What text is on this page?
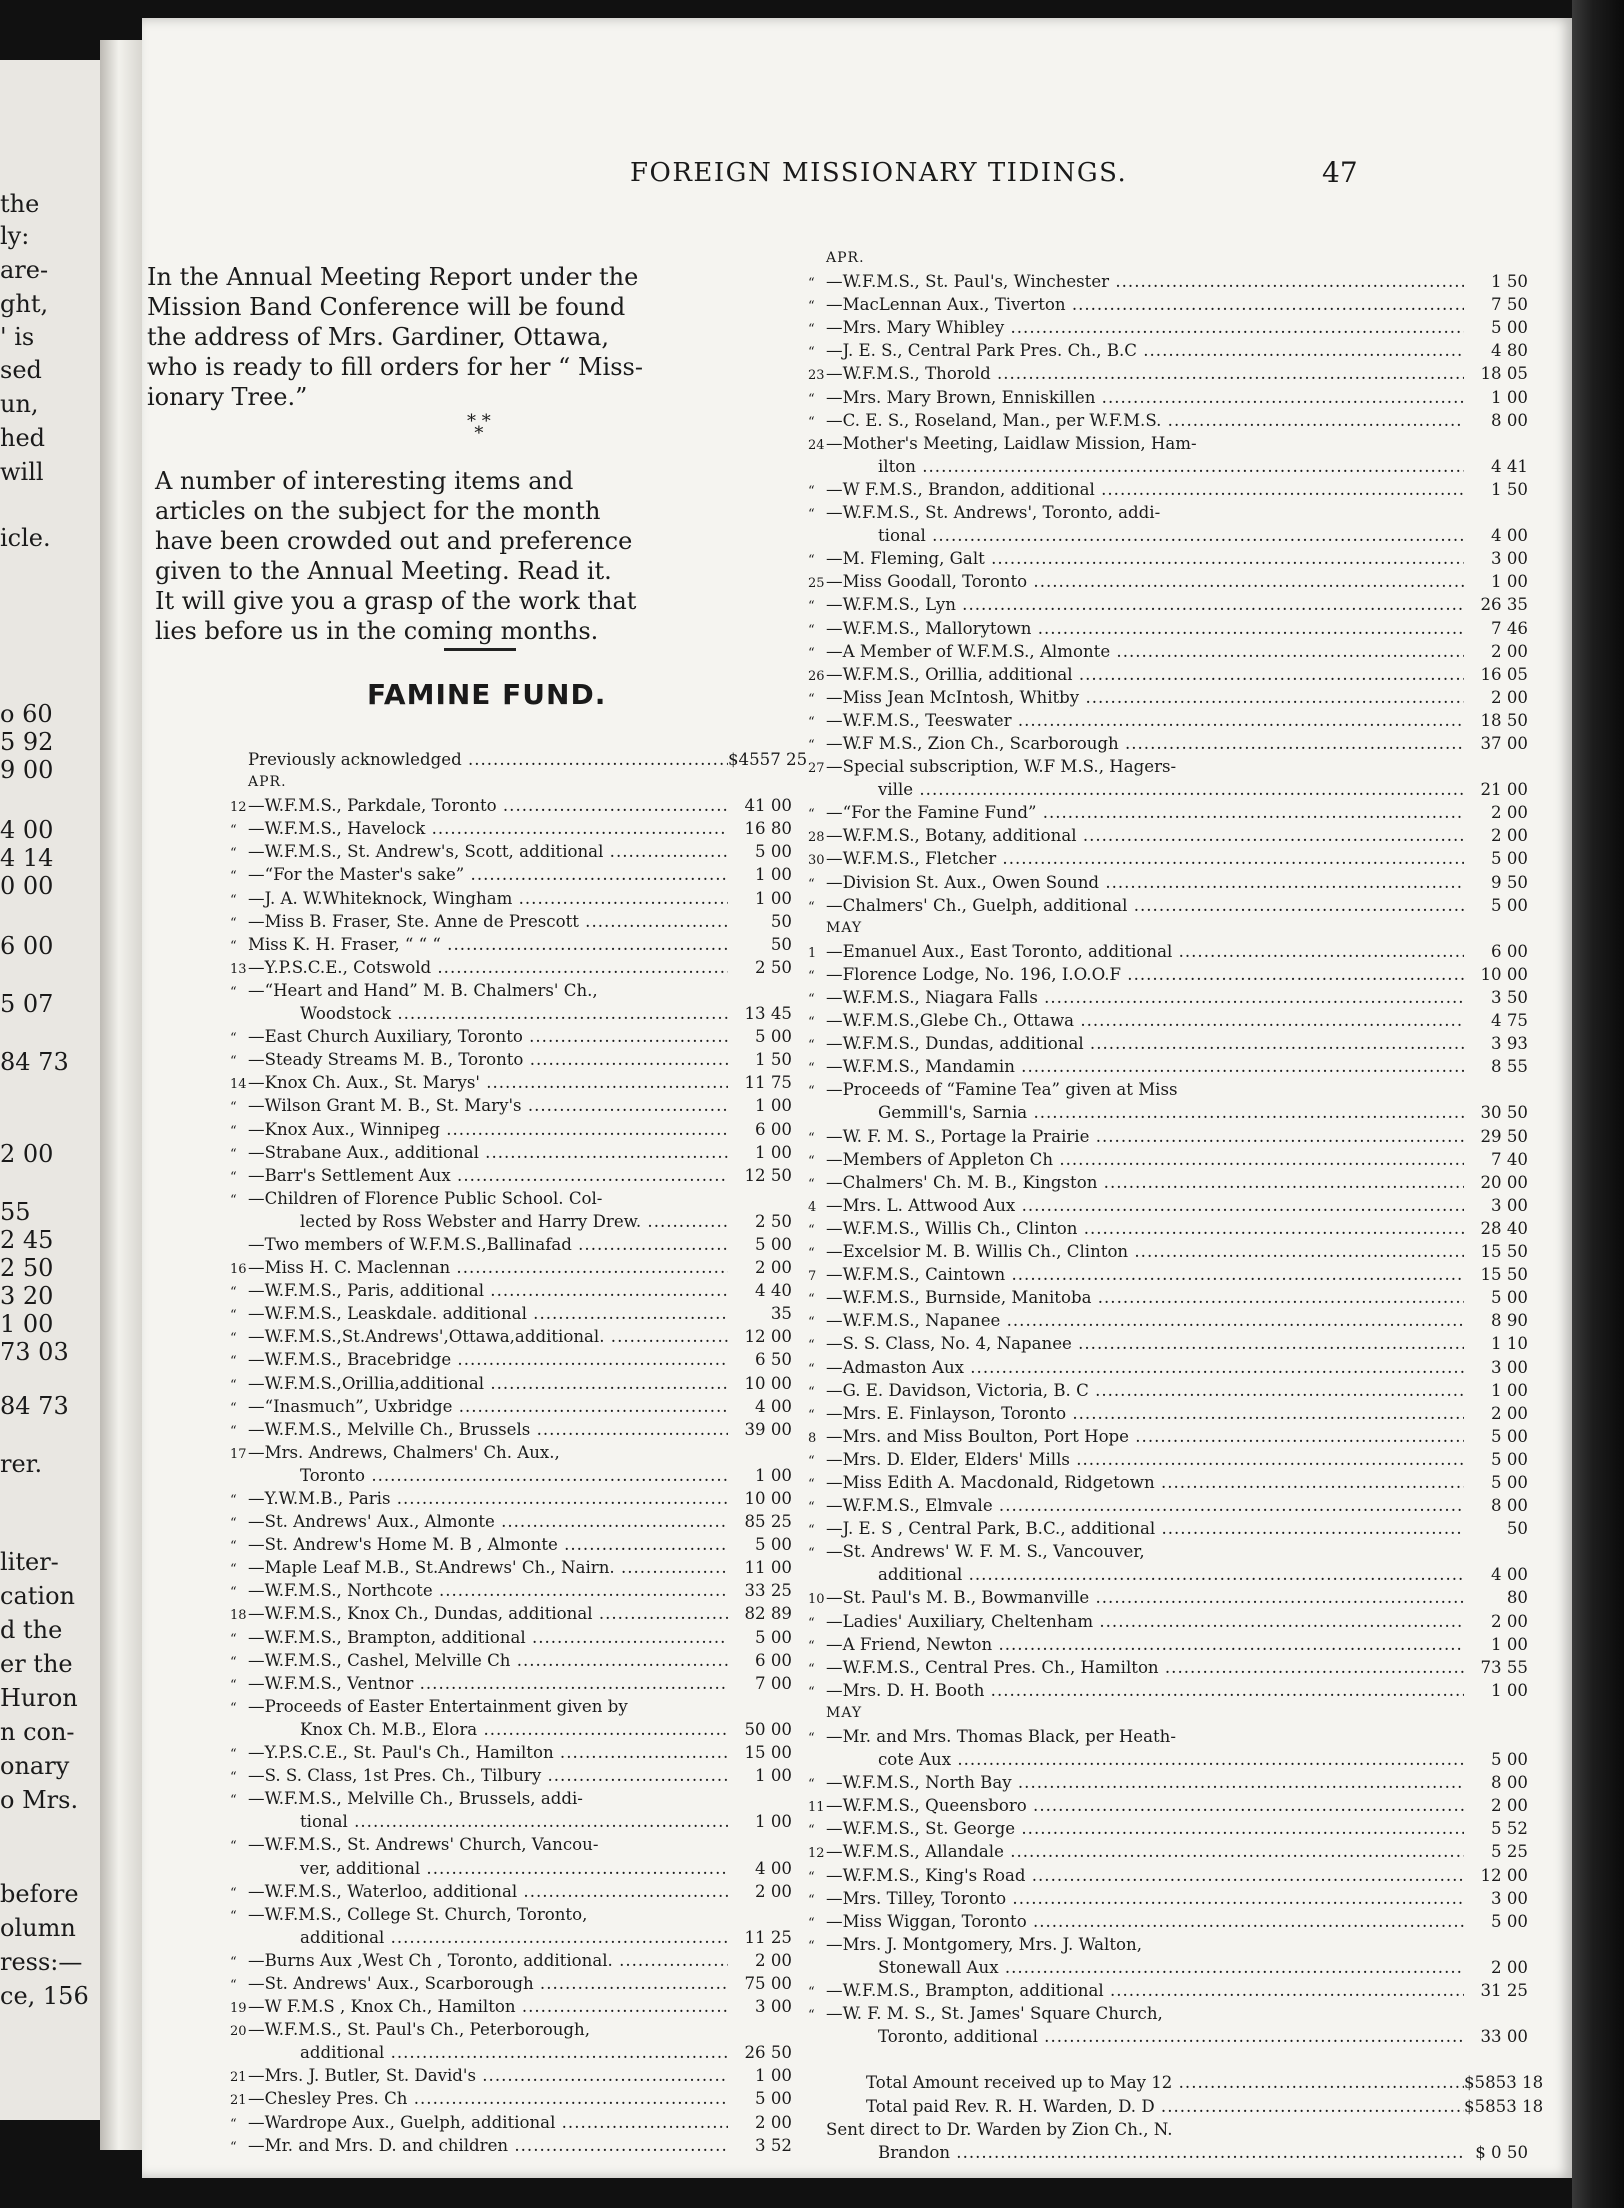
the
ly:
are-
ght,
' is
sed
un,
hed
will
icle.
o 60
5 92
9 00
4 00
4 14
0 00
6 00
5 07
84 73
2 00
55
2 45
2 50
3 20
1 00
73 03
84 73
rer.
liter-
cation
d the
er the
Huron
n con-
onary
o Mrs.
before
olumn
ress:—
ce, 156
FOREIGN MISSIONARY TIDINGS.	47
In the Annual Meeting Report under the
Mission Band Conference will be found
the address of Mrs. Gardiner, Ottawa,
who is ready to fill orders for her “ Miss-
ionary Tree.”
* *
*
A number of interesting items and
articles on the subject for the month
have been crowded out and preference
given to the Annual Meeting. Read it.
It will give you a grasp of the work that
lies before us in the coming months.
FAMINE FUND.
Previously acknowledged .....	$4557 25
APR.
12 —W.F.M.S., Parkdale, Toronto .....	41 00
“ —W.F.M.S., Havelock .....	16 80
“ —W.F.M.S., St. Andrew's, Scott, additional .....	5 00
“ —“For the Master's sake” .....	1 00
“ —J. A. W.Whiteknock, Wingham .....	1 00
“ —Miss B. Fraser, Ste. Anne de Prescott .....	50
“ Miss K. H. Fraser, “ “ “ .....	50
13 —Y.P.S.C.E., Cotswold .....	2 50
“ —“Heart and Hand” M. B. Chalmers' Ch.,
Woodstock .....	13 45
“ —East Church Auxiliary, Toronto .....	5 00
“ —Steady Streams M. B., Toronto .....	1 50
14 —Knox Ch. Aux., St. Marys' .....	11 75
“ —Wilson Grant M. B., St. Mary's .....	1 00
“ —Knox Aux., Winnipeg .....	6 00
“ —Strabane Aux., additional .....	1 00
“ —Barr's Settlement Aux .....	12 50
“ —Children of Florence Public School. Col-
lected by Ross Webster and Harry Drew. .....	2 50
—Two members of W.F.M.S.,Ballinafad .....	5 00
16 —Miss H. C. Maclennan .....	2 00
“ —W.F.M.S., Paris, additional .....	4 40
“ —W.F.M.S., Leaskdale. additional .....	35
“ —W.F.M.S.,St.Andrews',Ottawa,additional. .....	12 00
“ —W.F.M.S., Bracebridge .....	6 50
“ —W.F.M.S.,Orillia,additional .....	10 00
“ —“Inasmuch”, Uxbridge .....	4 00
“ —W.F.M.S., Melville Ch., Brussels .....	39 00
17 —Mrs. Andrews, Chalmers' Ch. Aux.,
Toronto .....	1 00
“ —Y.W.M.B., Paris .....	10 00
“ —St. Andrews' Aux., Almonte .....	85 25
“ —St. Andrew's Home M. B , Almonte .....	5 00
“ —Maple Leaf M.B., St.Andrews' Ch., Nairn. .....	11 00
“ —W.F.M.S., Northcote .....	33 25
18 —W.F.M.S., Knox Ch., Dundas, additional .....	82 89
“ —W.F.M.S., Brampton, additional .....	5 00
“ —W.F.M.S., Cashel, Melville Ch .....	6 00
“ —W.F.M.S., Ventnor .....	7 00
“ —Proceeds of Easter Entertainment given by
Knox Ch. M.B., Elora .....	50 00
“ —Y.P.S.C.E., St. Paul's Ch., Hamilton .....	15 00
“ —S. S. Class, 1st Pres. Ch., Tilbury .....	1 00
“ —W.F.M.S., Melville Ch., Brussels, addi-
tional .....	1 00
“ —W.F.M.S., St. Andrews' Church, Vancou-
ver, additional .....	4 00
“ —W.F.M.S., Waterloo, additional .....	2 00
“ —W.F.M.S., College St. Church, Toronto,
additional .....	11 25
“ —Burns Aux ,West Ch , Toronto, additional. .....	2 00
“ —St. Andrews' Aux., Scarborough .....	75 00
19 —W F.M.S , Knox Ch., Hamilton .....	3 00
20 —W.F.M.S., St. Paul's Ch., Peterborough,
additional .....	26 50
21 —Mrs. J. Butler, St. David's .....	1 00
21 —Chesley Pres. Ch .....	5 00
“ —Wardrope Aux., Guelph, additional .....	2 00
“ —Mr. and Mrs. D. and children .....	3 52
APR.
“ —W.F.M.S., St. Paul's, Winchester .....	1 50
“ —MacLennan Aux., Tiverton .....	7 50
“ —Mrs. Mary Whibley .....	5 00
“ —J. E. S., Central Park Pres. Ch., B.C .....	4 80
23 —W.F.M.S., Thorold .....	18 05
“ —Mrs. Mary Brown, Enniskillen .....	1 00
“ —C. E. S., Roseland, Man., per W.F.M.S. .....	8 00
24 —Mother's Meeting, Laidlaw Mission, Ham-
ilton .....	4 41
“ —W F.M.S., Brandon, additional .....	1 50
“ —W.F.M.S., St. Andrews', Toronto, addi-
tional .....	4 00
“ —M. Fleming, Galt .....	3 00
25 —Miss Goodall, Toronto .....	1 00
“ —W.F.M.S., Lyn .....	26 35
“ —W.F.M.S., Mallorytown .....	7 46
“ —A Member of W.F.M.S., Almonte .....	2 00
26 —W.F.M.S., Orillia, additional .....	16 05
“ —Miss Jean McIntosh, Whitby .....	2 00
“ —W.F.M.S., Teeswater .....	18 50
“ —W.F M.S., Zion Ch., Scarborough .....	37 00
27 —Special subscription, W.F M.S., Hagers-
ville .....	21 00
“ —“For the Famine Fund” .....	2 00
28 —W.F.M.S., Botany, additional .....	2 00
30 —W.F.M.S., Fletcher .....	5 00
“ —Division St. Aux., Owen Sound .....	9 50
“ —Chalmers' Ch., Guelph, additional .....	5 00
MAY
1 —Emanuel Aux., East Toronto, additional .....	6 00
“ —Florence Lodge, No. 196, I.O.O.F .....	10 00
“ —W.F.M.S., Niagara Falls .....	3 50
“ —W.F.M.S.,Glebe Ch., Ottawa .....	4 75
“ —W.F.M.S., Dundas, additional .....	3 93
“ —W.F.M.S., Mandamin .....	8 55
“ —Proceeds of “Famine Tea” given at Miss
Gemmill's, Sarnia .....	30 50
“ —W. F. M. S., Portage la Prairie .....	29 50
“ —Members of Appleton Ch .....	7 40
“ —Chalmers' Ch. M. B., Kingston .....	20 00
4 —Mrs. L. Attwood Aux .....	3 00
“ —W.F.M.S., Willis Ch., Clinton .....	28 40
“ —Excelsior M. B. Willis Ch., Clinton .....	15 50
7 —W.F.M.S., Caintown .....	15 50
“ —W.F.M.S., Burnside, Manitoba .....	5 00
“ —W.F.M.S., Napanee .....	8 90
“ —S. S. Class, No. 4, Napanee .....	1 10
“ —Admaston Aux .....	3 00
“ —G. E. Davidson, Victoria, B. C .....	1 00
“ —Mrs. E. Finlayson, Toronto .....	2 00
8 —Mrs. and Miss Boulton, Port Hope .....	5 00
“ —Mrs. D. Elder, Elders' Mills .....	5 00
“ —Miss Edith A. Macdonald, Ridgetown .....	5 00
“ —W.F.M.S., Elmvale .....	8 00
“ —J. E. S , Central Park, B.C., additional .....	50
“ —St. Andrews' W. F. M. S., Vancouver,
additional .....	4 00
10 —St. Paul's M. B., Bowmanville .....	80
“ —Ladies' Auxiliary, Cheltenham .....	2 00
“ —A Friend, Newton .....	1 00
“ —W.F.M.S., Central Pres. Ch., Hamilton .....	73 55
“ —Mrs. D. H. Booth .....	1 00
MAY
“ —Mr. and Mrs. Thomas Black, per Heath-
cote Aux .....	5 00
“ —W.F.M.S., North Bay .....	8 00
11 —W.F.M.S., Queensboro .....	2 00
“ —W.F.M.S., St. George .....	5 52
12 —W.F.M.S., Allandale .....	5 25
“ —W.F.M.S., King's Road .....	12 00
“ —Mrs. Tilley, Toronto .....	3 00
“ —Miss Wiggan, Toronto .....	5 00
“ —Mrs. J. Montgomery, Mrs. J. Walton,
Stonewall Aux .....	2 00
“ —W.F.M.S., Brampton, additional .....	31 25
“ —W. F. M. S., St. James' Square Church,
Toronto, additional .....	33 00
Total Amount received up to May 12 .....	$5853 18
Total paid Rev. R. H. Warden, D. D .....	$5853 18
Sent direct to Dr. Warden by Zion Ch., N.
Brandon .....	$ 0 50
